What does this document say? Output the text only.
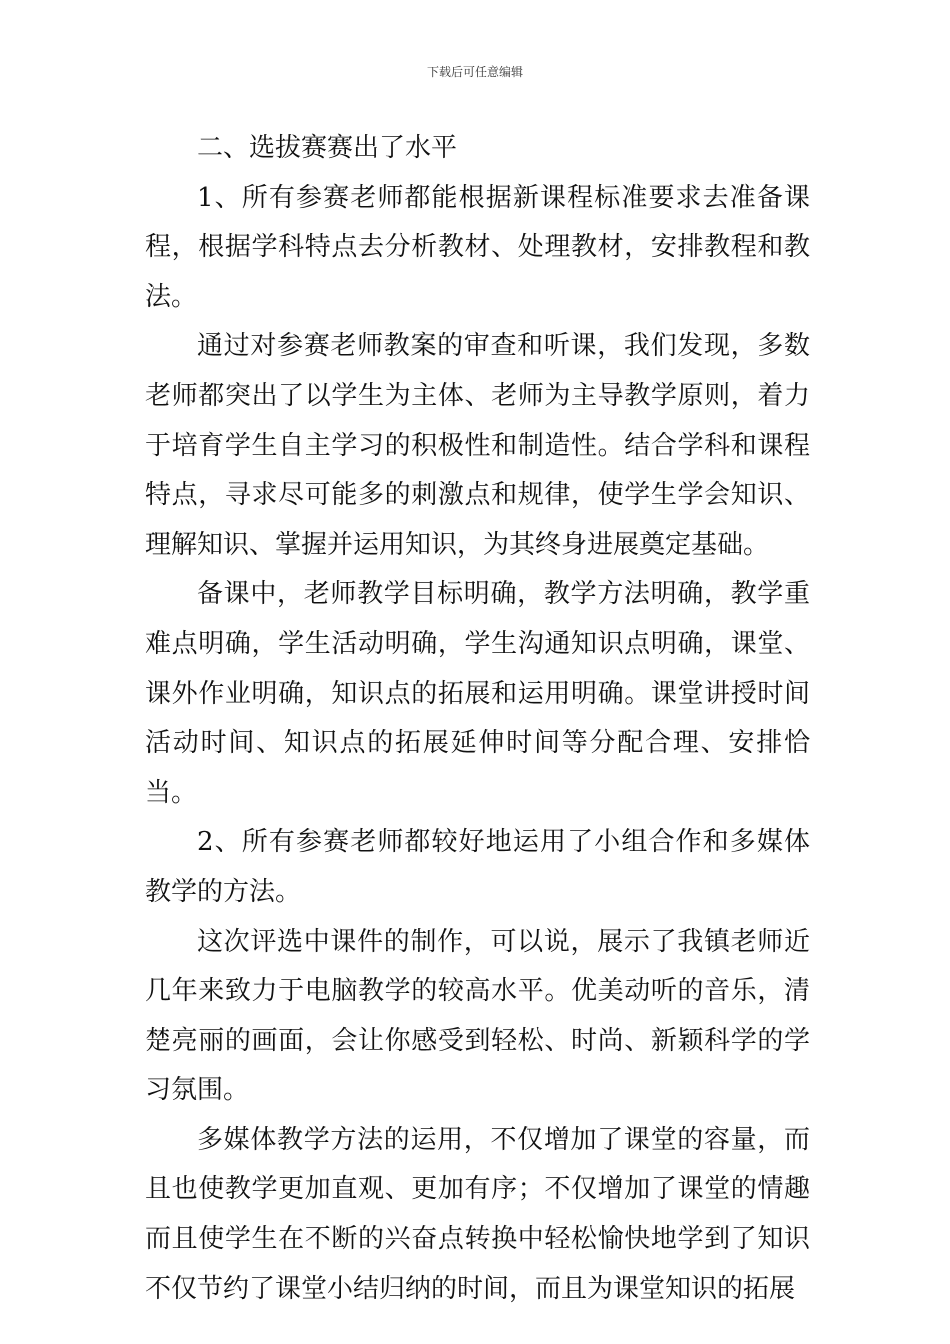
下载后可任意编辑

二、选拔赛赛出了水平

1、所有参赛老师都能根据新课程标准要求去准备课程，根据学科特点去分析教材、处理教材，安排教程和教法。

通过对参赛老师教案的审查和听课，我们发现，多数老师都突出了以学生为主体、老师为主导教学原则，着力于培育学生自主学习的积极性和制造性。结合学科和课程特点，寻求尽可能多的刺激点和规律，使学生学会知识、理解知识、掌握并运用知识，为其终身进展奠定基础。

备课中，老师教学目标明确，教学方法明确，教学重难点明确，学生活动明确，学生沟通知识点明确，课堂、课外作业明确，知识点的拓展和运用明确。课堂讲授时间活动时间、知识点的拓展延伸时间等分配合理、安排恰当。

2、所有参赛老师都较好地运用了小组合作和多媒体教学的方法。

这次评选中课件的制作，可以说，展示了我镇老师近几年来致力于电脑教学的较高水平。优美动听的音乐，清楚亮丽的画面，会让你感受到轻松、时尚、新颖科学的学习氛围。

多媒体教学方法的运用，不仅增加了课堂的容量，而且也使教学更加直观、更加有序；不仅增加了课堂的情趣而且使学生在不断的兴奋点转换中轻松愉快地学到了知识不仅节约了课堂小结归纳的时间，而且为课堂知识的拓展
